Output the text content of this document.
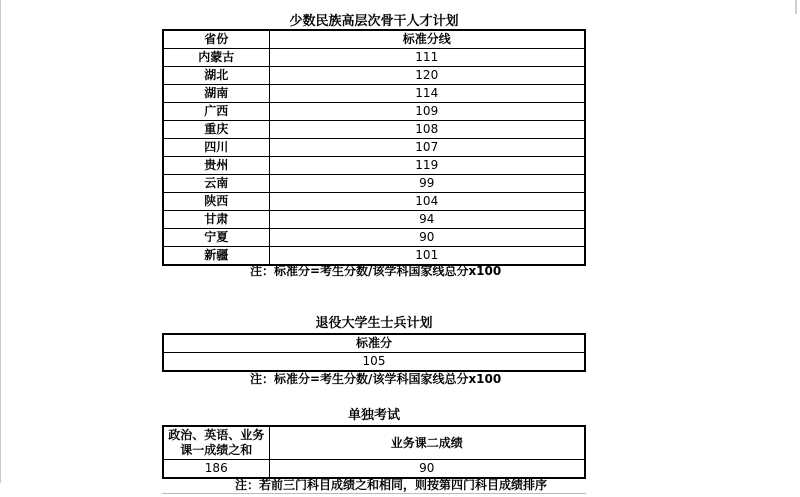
少数民族高层次骨干人才计划
省份	标准分线
内蒙古	111
湖北	120
湖南	114
广西	109
重庆	108
四川	107
贵州	119
云南	99
陕西	104
甘肃	94
宁夏	90
新疆	101
注：标准分=考生分数/该学科国家线总分x100
退役大学生士兵计划
标准分
105
注：标准分=考生分数/该学科国家线总分x100
单独考试
政治、英语、业务课一成绩之和	业务课二成绩
186	90
注：若前三门科目成绩之和相同，则按第四门科目成绩排序
